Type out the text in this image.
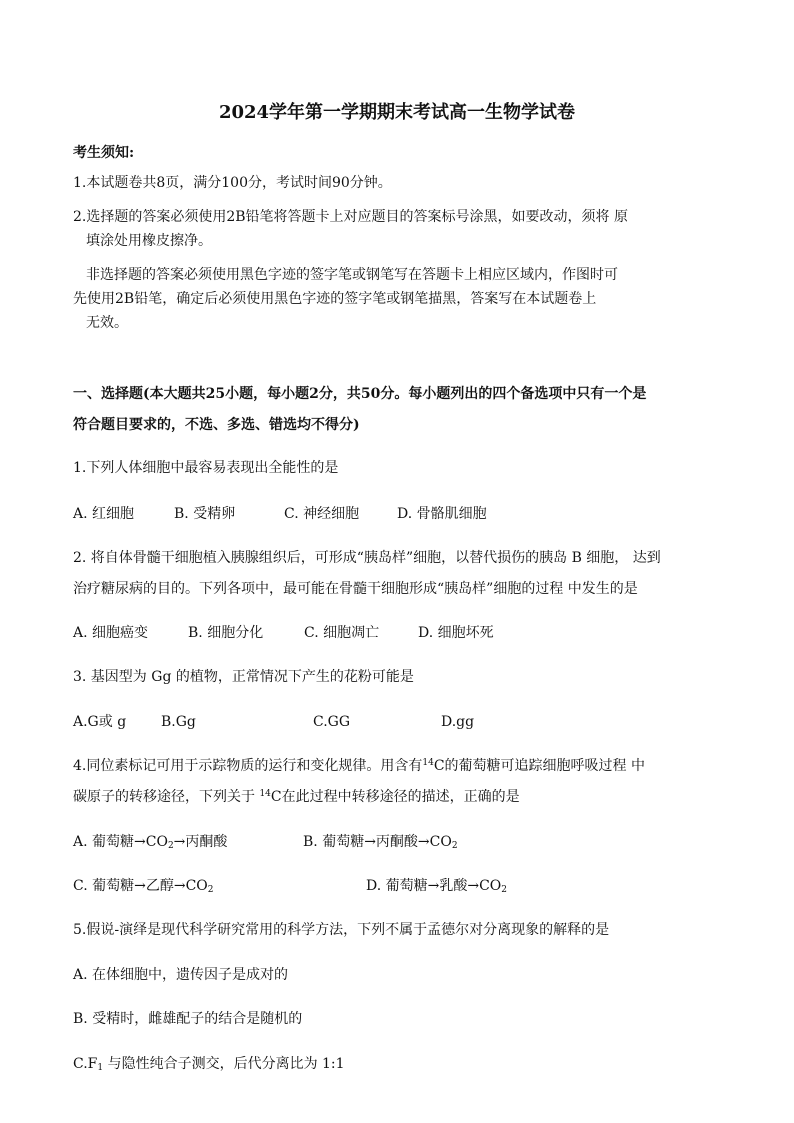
2024学年第一学期期末考试高一生物学试卷
考生须知:
1.本试题卷共8页，满分100分，考试时间90分钟。
2.选择题的答案必须使用2B铅笔将答题卡上对应题目的答案标号涂黑，如要改动，须将 原
填涂处用橡皮擦净。
非选择题的答案必须使用黑色字迹的签字笔或钢笔写在答题卡上相应区域内，作图时可
先使用2B铅笔，确定后必须使用黑色字迹的签字笔或钢笔描黑，答案写在本试题卷上
无效。
一、选择题(本大题共25小题，每小题2分，共50分。每小题列出的四个备选项中只有一个是
符合题目要求的，不选、多选、错选均不得分)
1.下列人体细胞中最容易表现出全能性的是
A. 红细胞	B. 受精卵	C. 神经细胞	D. 骨骼肌细胞
2. 将自体骨髓干细胞植入胰腺组织后，可形成“胰岛样”细胞，以替代损伤的胰岛 B 细胞， 达到
治疗糖尿病的目的。下列各项中，最可能在骨髓干细胞形成“胰岛样”细胞的过程 中发生的是
A. 细胞癌变	B. 细胞分化	C. 细胞凋亡	D. 细胞坏死
3. 基因型为 Gg 的植物，正常情况下产生的花粉可能是
A.G或 g B.Gg	C.GG	D.gg
4.同位素标记可用于示踪物质的运行和变化规律。用含有$^{14}$C的葡萄糖可追踪细胞呼吸过程 中
碳原子的转移途径，下列关于 $^{14}$C在此过程中转移途径的描述，正确的是
A. 葡萄糖$\to CO_2\to$丙酮酸	B. 葡萄糖→丙酮酸$\to CO_2$
C. 葡萄糖→乙醇$\to CO_2$	D. 葡萄糖→乳酸$\to CO_2$
5.假说-演绎是现代科学研究常用的科学方法，下列不属于孟德尔对分离现象的解释的是
A. 在体细胞中，遗传因子是成对的
B. 受精时，雌雄配子的结合是随机的
$C.F_1$ 与隐性纯合子测交，后代分离比为 1:1
